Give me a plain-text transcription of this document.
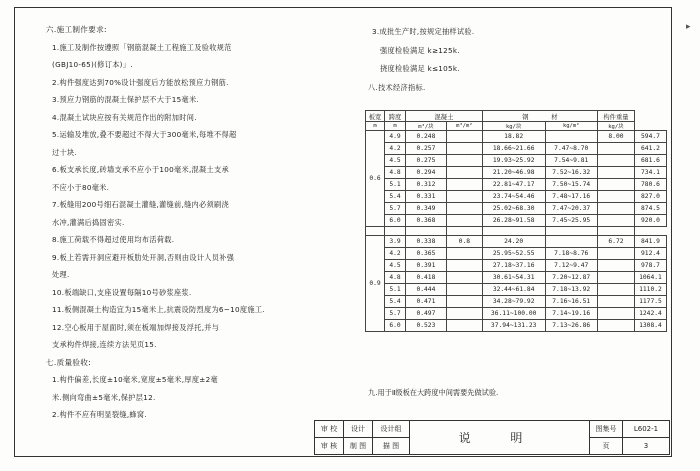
六.施工制作要求:
1.施工及制作按遵照「钢筋混凝土工程施工及验收规范
(GBJ10-65)(修订本)」.
2.构件强度达到70%设计强度后方能放松预应力钢筋.
3.预应力钢筋的混凝土保护层不大于15毫米.
4.混凝土试块应按有关规范作出的附加时间.
5.运输及堆放,叠不要超过不得大于300毫米,每堆不得超
过十块.
6.板支承长度,砖墙支承不应小于100毫米,混凝土支承
不应小于80毫米.
7.板缝用200号细石混凝土灌缝,灌缝前,缝内必须刷浇
水冲,灌满后捣固密实.
8.施工荷载不得超过使用均布活荷载.
9.板上若需开洞应避开板肋处开洞,否则由设计人员补强
处理.
10.板端缺口,支座设置每隔10号砂浆座浆.
11.板侧混凝土构造宜为15毫米上,抗震设防烈度为6~10度施工.
12.空心板用于屋面时,须在板端加焊接及浮托,并与
支承构件焊接,连续方法见页15.
七.质量验收:
1.构件偏差,长度±10毫米,宽度±5毫米,厚度±2毫
米.侧向弯曲±5毫米,保护层12.
2.构件不应有明显裂缝,蜂窝.
3.成批生产时,按规定抽样试验.
强度检验满足 k≥125k.
挠度检验满足 k≤105k.
八.技术经济指标.
板宽	跨度	混凝土		钢 材		构件重量	
m	m	m³/块	m³/m²	kg/块	kg/m²	kg/块	
0.6	4.9	0.248		18.82		8.00	594.7
	4.2	0.257		18.66~21.66	7.47~8.70		641.2
	4.5	0.275		19.93~25.92	7.54~9.81		681.6
	4.8	0.294		21.20~46.98	7.52~16.32		734.1
	5.1	0.312		22.81~47.17	7.50~15.74		780.6
	5.4	0.331		23.74~54.46	7.48~17.16		827.0
	5.7	0.349		25.02~68.30	7.47~20.37		874.5
	6.0	0.368		26.28~91.58	7.45~25.95		920.0

0.9	3.9	0.338	0.8	24.20		6.72	841.9
	4.2	0.365		25.95~52.55	7.18~8.76		912.4
	4.5	0.391		27.18~37.16	7.12~9.47		978.7
	4.8	0.418		30.61~54.31	7.20~12.87		1064.1
	5.1	0.444		32.44~61.84	7.18~13.92		1110.2
	5.4	0.471		34.28~79.92	7.16~16.51		1177.5
	5.7	0.497		36.11~100.00	7.14~19.16		1242.4
	6.0	0.523		37.94~131.23	7.13~26.86		1308.4
九.用于Ⅱ级板在大跨度中间需要先做试验.
审 校	设计	设计组	说 明	图集号	L602-1
审 核	制 图	描 图		页	3
▸
